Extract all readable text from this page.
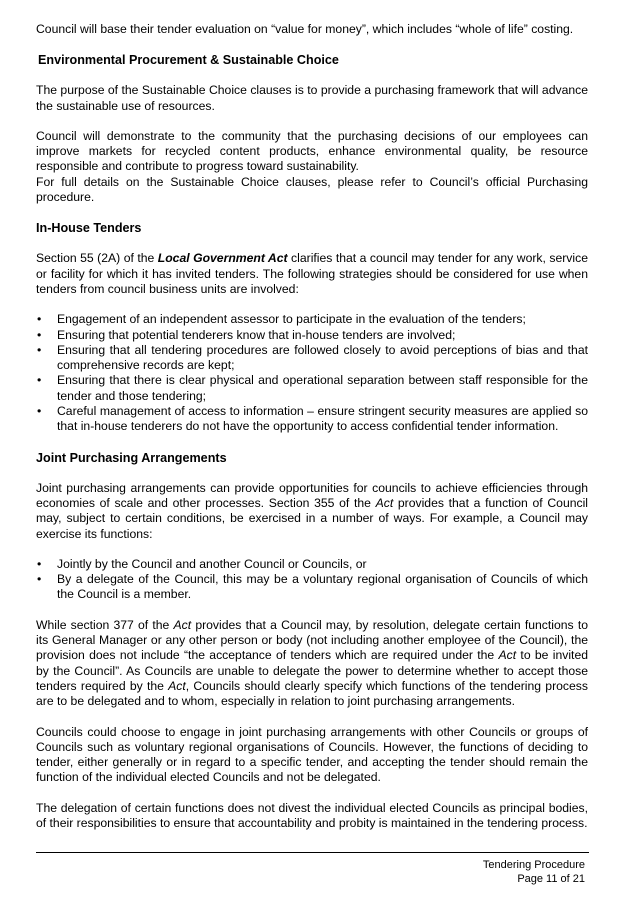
Council will base their tender evaluation on “value for money”, which includes “whole of life” costing.

Environmental Procurement & Sustainable Choice

The purpose of the Sustainable Choice clauses is to provide a purchasing framework that will advance the sustainable use of resources.

Council will demonstrate to the community that the purchasing decisions of our employees can improve markets for recycled content products, enhance environmental quality, be resource responsible and contribute to progress toward sustainability.

For full details on the Sustainable Choice clauses, please refer to Council’s official Purchasing procedure.

In-House Tenders

Section 55 (2A) of the Local Government Act clarifies that a council may tender for any work, service or facility for which it has invited tenders. The following strategies should be considered for use when tenders from council business units are involved:

• Engagement of an independent assessor to participate in the evaluation of the tenders;
• Ensuring that potential tenderers know that in-house tenders are involved;
• Ensuring that all tendering procedures are followed closely to avoid perceptions of bias and that comprehensive records are kept;
• Ensuring that there is clear physical and operational separation between staff responsible for the tender and those tendering;
• Careful management of access to information – ensure stringent security measures are applied so that in-house tenderers do not have the opportunity to access confidential tender information.
Joint Purchasing Arrangements

Joint purchasing arrangements can provide opportunities for councils to achieve efficiencies through economies of scale and other processes. Section 355 of the Act provides that a function of Council may, subject to certain conditions, be exercised in a number of ways. For example, a Council may exercise its functions:

• Jointly by the Council and another Council or Councils, or
• By a delegate of the Council, this may be a voluntary regional organisation of Councils of which the Council is a member.

While section 377 of the Act provides that a Council may, by resolution, delegate certain functions to its General Manager or any other person or body (not including another employee of the Council), the provision does not include “the acceptance of tenders which are required under the Act to be invited by the Council”. As Councils are unable to delegate the power to determine whether to accept those tenders required by the Act, Councils should clearly specify which functions of the tendering process are to be delegated and to whom, especially in relation to joint purchasing arrangements.

Councils could choose to engage in joint purchasing arrangements with other Councils or groups of Councils such as voluntary regional organisations of Councils. However, the functions of deciding to tender, either generally or in regard to a specific tender, and accepting the tender should remain the function of the individual elected Councils and not be delegated.

The delegation of certain functions does not divest the individual elected Councils as principal bodies, of their responsibilities to ensure that accountability and probity is maintained in the tendering process.

Tendering Procedure
Page 11 of 21
